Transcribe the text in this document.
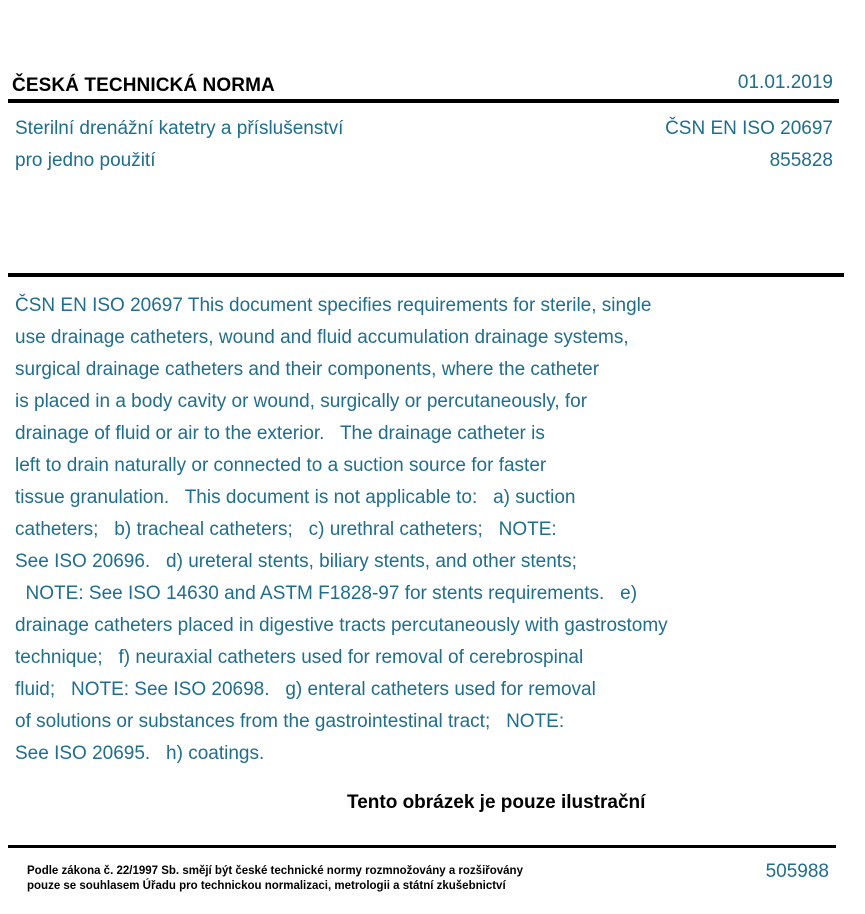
ČESKÁ TECHNICKÁ NORMA	01.01.2019
Sterilní drenážní katetry a příslušenství
pro jedno použití
ČSN EN ISO 20697
855828
ČSN EN ISO 20697 This document specifies requirements for sterile, single
use drainage catheters, wound and fluid accumulation drainage systems,
surgical drainage catheters and their components, where the catheter
is placed in a body cavity or wound, surgically or percutaneously, for
drainage of fluid or air to the exterior.   The drainage catheter is
left to drain naturally or connected to a suction source for faster
tissue granulation.   This document is not applicable to:   a) suction
catheters;   b) tracheal catheters;   c) urethral catheters;   NOTE:
See ISO 20696.   d) ureteral stents, biliary stents, and other stents;
NOTE: See ISO 14630 and ASTM F1828-97 for stents requirements.   e)
drainage catheters placed in digestive tracts percutaneously with gastrostomy
technique;   f) neuraxial catheters used for removal of cerebrospinal
fluid;   NOTE: See ISO 20698.   g) enteral catheters used for removal
of solutions or substances from the gastrointestinal tract;   NOTE:
See ISO 20695.   h) coatings.
Tento obrázek je pouze ilustrační
Podle zákona č. 22/1997 Sb. smějí být české technické normy rozmnožovány a rozšiřovány
pouze se souhlasem Úřadu pro technickou normalizaci, metrologii a státní zkušebnictví
505988
